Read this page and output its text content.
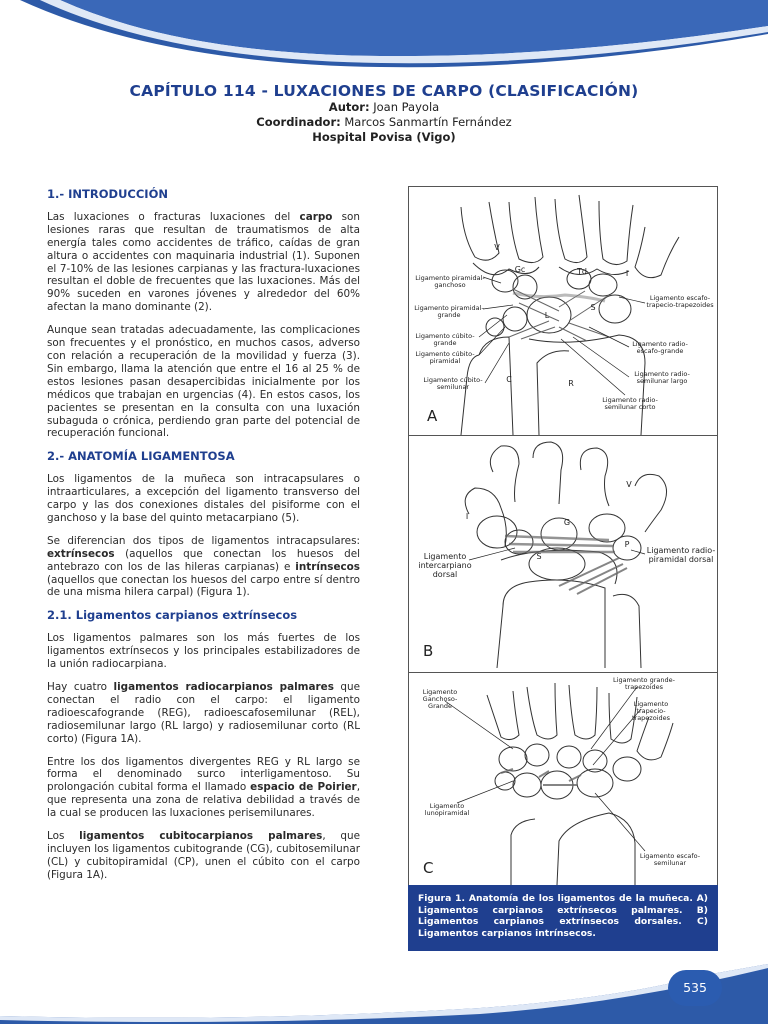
CAPÍTULO 114 - LUXACIONES DE CARPO (CLASIFICACIÓN)
Autor: Joan Payola
Coordinador: Marcos Sanmartín Fernández
Hospital Povisa (Vigo)
1.- INTRODUCCIÓN

Las luxaciones o fracturas luxaciones del carpo son lesiones raras que resultan de traumatismos de alta energía tales como accidentes de tráfico, caídas de gran altura o accidentes con maquinaria industrial (1). Suponen el 7-10% de las lesiones carpianas y las fractura-luxaciones resultan el doble de frecuentes que las luxaciones. Más del 90% suceden en varones jóvenes y alrededor del 60% afectan la mano dominante (2).

Aunque sean tratadas adecuadamente, las complicaciones son frecuentes y el pronóstico, en muchos casos, adverso con relación a recuperación de la movilidad y fuerza (3). Sin embargo, llama la atención que entre el 16 al 25 % de estos lesiones pasan desapercibidas inicialmente por los médicos que trabajan en urgencias (4). En estos casos, los pacientes se presentan en la consulta con una luxación subaguda o crónica, perdiendo gran parte del potencial de recuperación funcional.

2.- ANATOMÍA LIGAMENTOSA

Los ligamentos de la muñeca son intracapsulares o intraarticulares, a excepción del ligamento transverso del carpo y las dos conexiones distales del pisiforme con el ganchoso y la base del quinto metacarpiano (5).

Se diferencian dos tipos de ligamentos intracapsulares: extrínsecos (aquellos que conectan los huesos del antebrazo con los de las hileras carpianas) e intrínsecos (aquellos que conectan los huesos del carpo entre sí dentro de una misma hilera carpal) (Figura 1).

2.1. Ligamentos carpianos extrínsecos

Los ligamentos palmares son los más fuertes de los ligamentos extrínsecos y los principales estabilizadores de la unión radiocarpiana.

Hay cuatro ligamentos radiocarpianos palmares que conectan el radio con el carpo: el ligamento radioescafogrande (REG), radioescafosemilunar (REL), radiosemilunar largo (RL largo) y radiosemilunar corto (RL corto) (Figura 1A).

Entre los dos ligamentos divergentes REG y RL largo se forma el denominado surco interligamentoso. Su prolongación cubital forma el llamado espacio de Poirier, que representa una zona de relativa debilidad a través de la cual se producen las luxaciones perisemilunares.

Los ligamentos cubitocarpianos palmares, que incluyen los ligamentos cubitogrande (CG), cubitosemilunar (CL) y cubitopiramidal (CP), unen el cúbito con el carpo (Figura 1A).

Ligamento piramidal-ganchoso
Ligamento piramidal-grande
Ligamento cúbito-grande
Ligamento cúbito-piramidal
Ligamento cúbito-semilunar
Ligamento escafo-trapecio-trapezoides
Ligamento radio-escafo-grande
Ligamento radio-semilunar largo
Ligamento radio-semilunar corto
V
I
Gc	Td
S
L
C	R
A
Ligamento intercarpiano dorsal
Ligamento radio-piramidal dorsal
I
V
G
S
P
B
Ligamento Ganchoso-Grande
Ligamento grande-trapezoides
Ligamento trapecio-trapezoides
Ligamento lunopiramidal
Ligamento escafo-semilunar
C
Figura 1. Anatomía de los ligamentos de la muñeca. A) Ligamentos carpianos extrínsecos palmares. B) Ligamentos carpianos extrínsecos dorsales. C) Ligamentos carpianos intrínsecos.
535
